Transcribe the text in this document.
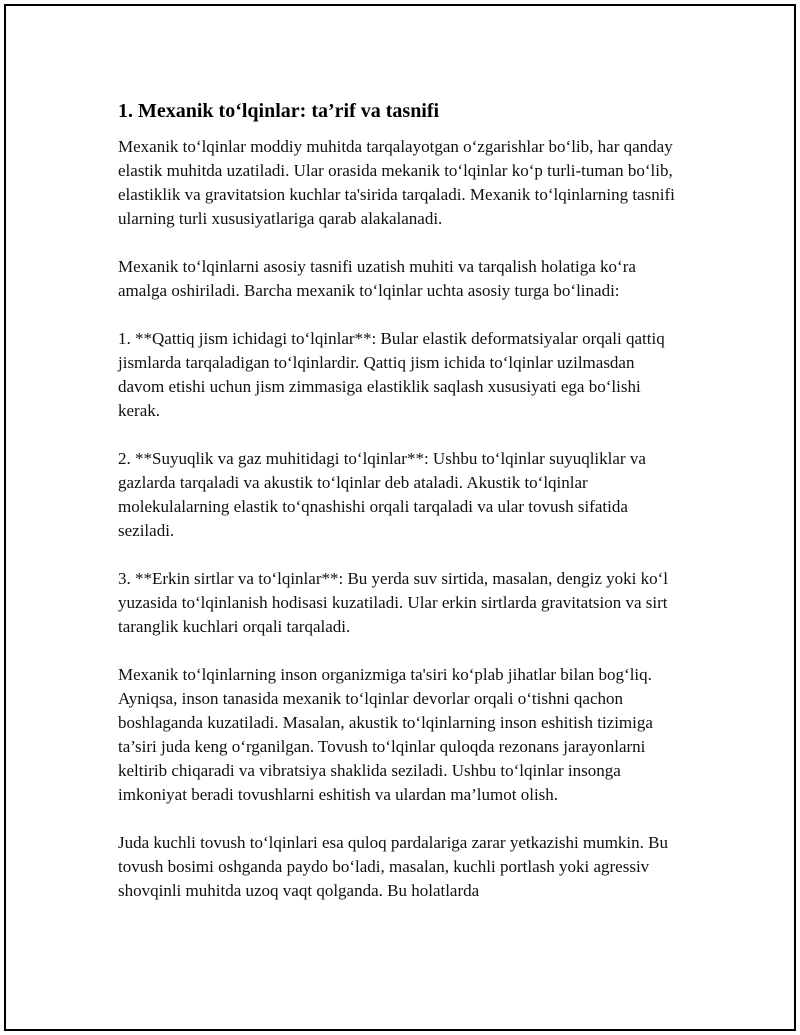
1. Mexanik to‘lqinlar: ta’rif va tasnifi

Mexanik to‘lqinlar moddiy muhitda tarqalayotgan o‘zgarishlar bo‘lib, har qanday elastik muhitda uzatiladi. Ular orasida mekanik to‘lqinlar ko‘p turli-tuman bo‘lib, elastiklik va gravitatsion kuchlar ta'sirida tarqaladi. Mexanik to‘lqinlarning tasnifi ularning turli xususiyatlariga qarab alakalanadi.

Mexanik to‘lqinlarni asosiy tasnifi uzatish muhiti va tarqalish holatiga ko‘ra amalga oshiriladi. Barcha mexanik to‘lqinlar uchta asosiy turga bo‘linadi:

1. **Qattiq jism ichidagi to‘lqinlar**: Bular elastik deformatsiyalar orqali qattiq jismlarda tarqaladigan to‘lqinlardir. Qattiq jism ichida to‘lqinlar uzilmasdan davom etishi uchun jism zimmasiga elastiklik saqlash xususiyati ega bo‘lishi kerak.

2. **Suyuqlik va gaz muhitidagi to‘lqinlar**: Ushbu to‘lqinlar suyuqliklar va gazlarda tarqaladi va akustik to‘lqinlar deb ataladi. Akustik to‘lqinlar molekulalarning elastik to‘qnashishi orqali tarqaladi va ular tovush sifatida seziladi.

3. **Erkin sirtlar va to‘lqinlar**: Bu yerda suv sirtida, masalan, dengiz yoki ko‘l yuzasida to‘lqinlanish hodisasi kuzatiladi. Ular erkin sirtlarda gravitatsion va sirt taranglik kuchlari orqali tarqaladi.

Mexanik to‘lqinlarning inson organizmiga ta'siri ko‘plab jihatlar bilan bog‘liq. Ayniqsa, inson tanasida mexanik to‘lqinlar devorlar orqali o‘tishni qachon boshlaganda kuzatiladi. Masalan, akustik to‘lqinlarning inson eshitish tizimiga ta’siri juda keng o‘rganilgan. Tovush to‘lqinlar quloqda rezonans jarayonlarni keltirib chiqaradi va vibratsiya shaklida seziladi. Ushbu to‘lqinlar insonga imkoniyat beradi tovushlarni eshitish va ulardan ma’lumot olish.

Juda kuchli tovush to‘lqinlari esa quloq pardalariga zarar yetkazishi mumkin. Bu tovush bosimi oshganda paydo bo‘ladi, masalan, kuchli portlash yoki agressiv shovqinli muhitda uzoq vaqt qolganda. Bu holatlarda
